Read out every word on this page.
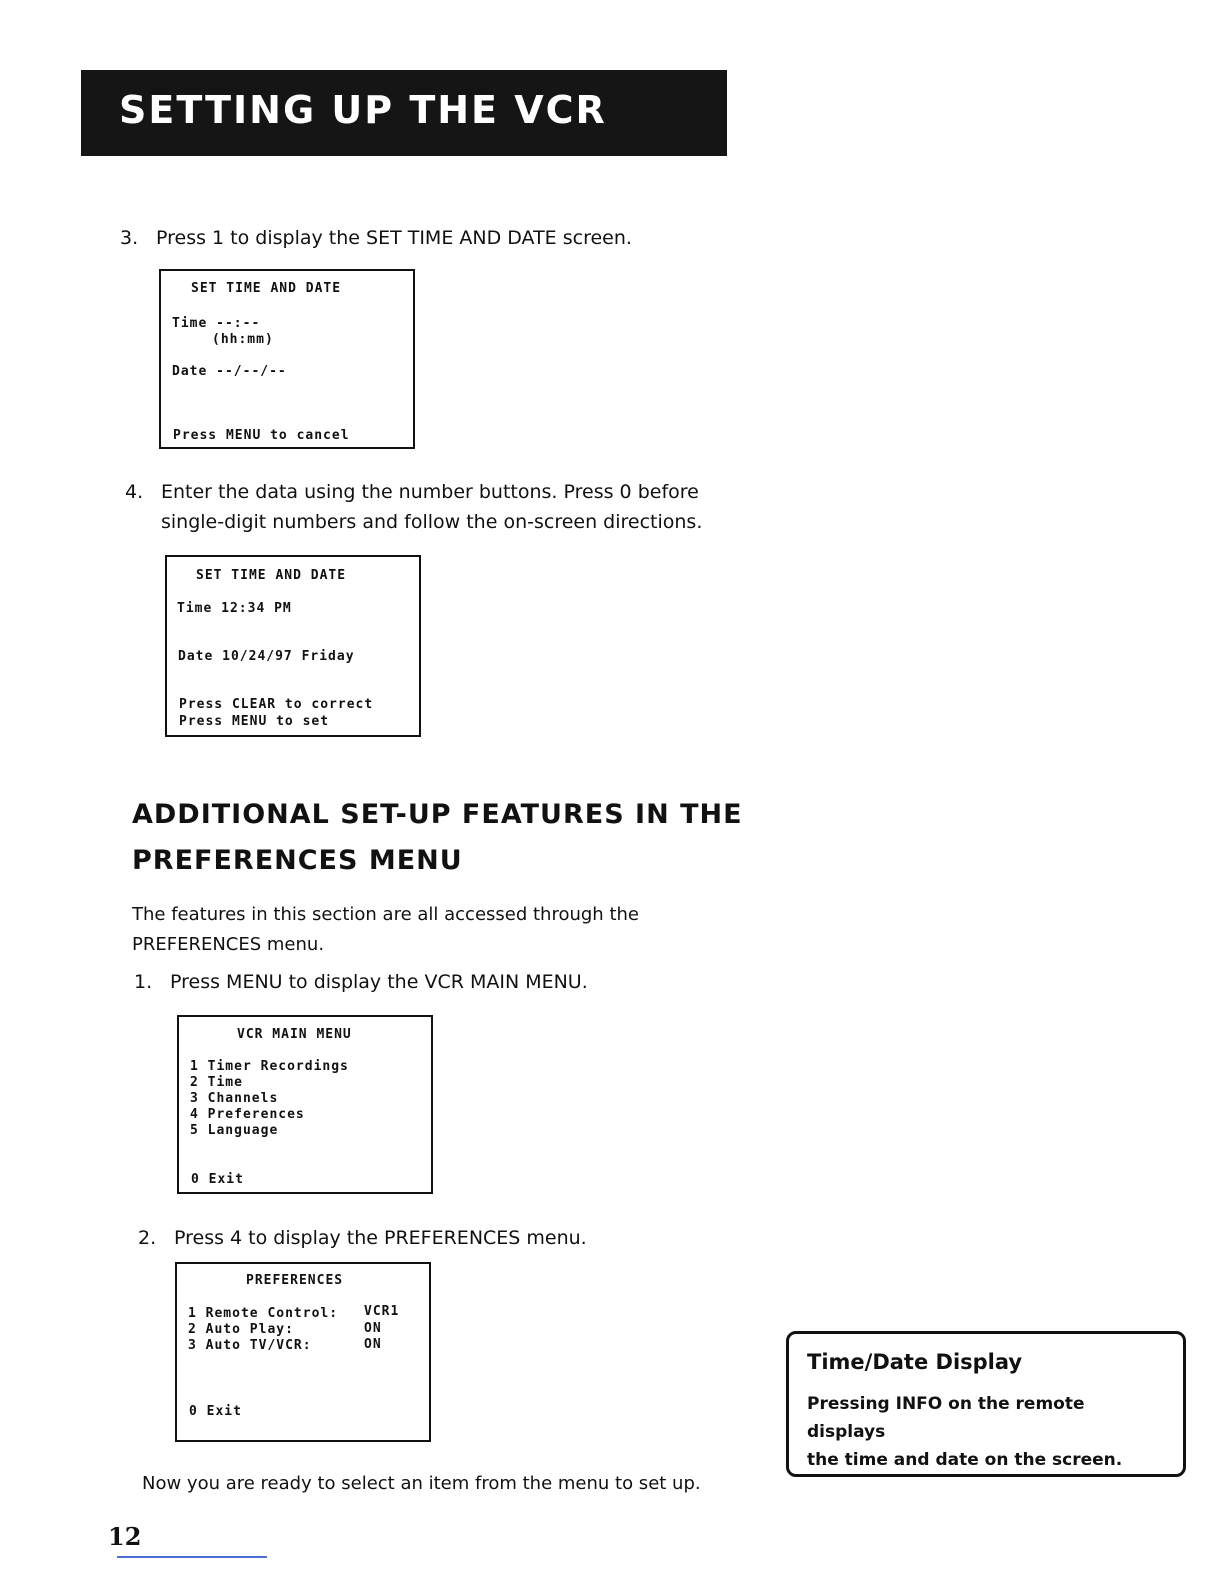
SETTING UP THE VCR
3. Press 1 to display the SET TIME AND DATE screen.
SET TIME AND DATE
Time --:--
(hh:mm)
Date --/--/--
Press MENU to cancel
4. Enter the data using the number buttons. Press 0 before
single-digit numbers and follow the on-screen directions.
SET TIME AND DATE
Time 12:34 PM
Date 10/24/97 Friday
Press CLEAR to correct
Press MENU to set
ADDITIONAL SET-UP FEATURES IN THE
PREFERENCES MENU
The features in this section are all accessed through the
PREFERENCES menu.
1. Press MENU to display the VCR MAIN MENU.
VCR MAIN MENU
1 Timer Recordings
2 Time
3 Channels
4 Preferences
5 Language
0 Exit
2. Press 4 to display the PREFERENCES menu.
PREFERENCES
1 Remote Control: VCR1
2 Auto Play:	ON
3 Auto TV/VCR:	ON
0 Exit
Now you are ready to select an item from the menu to set up.
Time/Date Display
Pressing INFO on the remote displays
the time and date on the screen.
12
